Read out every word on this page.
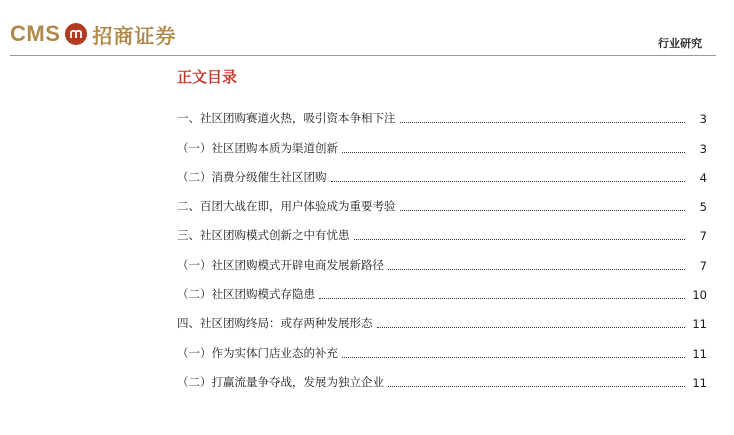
CMS 招商证券	行业研究
正文目录
一、社区团购赛道火热，吸引资本争相下注	3
（一）社区团购本质为渠道创新	3
（二）消费分级催生社区团购	4
二、百团大战在即，用户体验成为重要考验	5
三、社区团购模式创新之中有忧患	7
（一）社区团购模式开辟电商发展新路径	7
（二）社区团购模式存隐患	10
四、社区团购终局：或存两种发展形态	11
（一）作为实体门店业态的补充	11
（二）打赢流量争夺战，发展为独立企业	11
